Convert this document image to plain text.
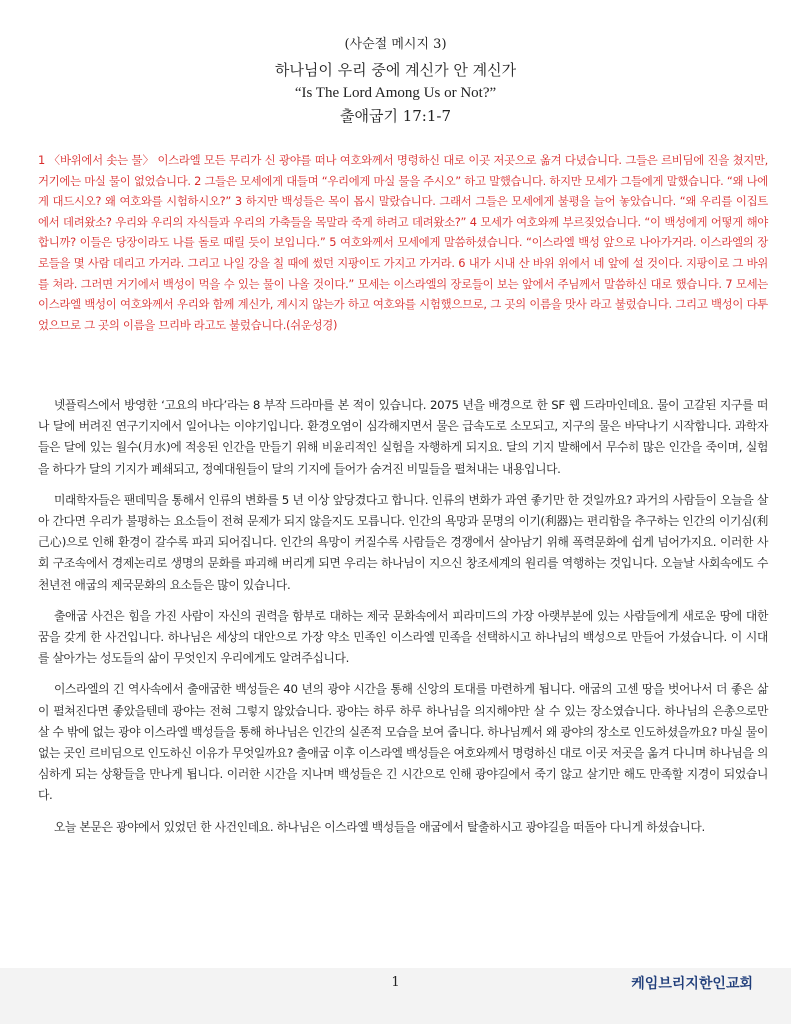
(사순절 메시지 3)
하나님이 우리 중에 계신가 안 계신가
“Is The Lord Among Us or Not?”
출애굽기 17:1-7
1 〈바위에서 솟는 물〉 이스라엘 모든 무리가 신 광야를 떠나 여호와께서 명령하신 대로 이곳 저곳으로 옮겨 다녔습니다. 그들은 르비딤에 진을 쳤지만, 거기에는 마실 물이 없었습니다. 2 그들은 모세에게 대들며 “우리에게 마실 물을 주시오” 하고 말했습니다. 하지만 모세가 그들에게 말했습니다. “왜 나에게 대드시오? 왜 여호와를 시험하시오?” 3 하지만 백성들은 목이 몹시 말랐습니다. 그래서 그들은 모세에게 불평을 늘어 놓았습니다. “왜 우리를 이집트에서 데려왔소? 우리와 우리의 자식들과 우리의 가축들을 목말라 죽게 하려고 데려왔소?” 4 모세가 여호와께 부르짖었습니다. “이 백성에게 어떻게 해야 합니까? 이들은 당장이라도 나를 돌로 때릴 듯이 보입니다.” 5 여호와께서 모세에게 말씀하셨습니다. “이스라엘 백성 앞으로 나아가거라. 이스라엘의 장로들을 몇 사람 데리고 가거라. 그리고 나일 강을 칠 때에 썼던 지팡이도 가지고 가거라. 6 내가 시내 산 바위 위에서 네 앞에 설 것이다. 지팡이로 그 바위를 쳐라. 그러면 거기에서 백성이 먹을 수 있는 물이 나올 것이다.” 모세는 이스라엘의 장로들이 보는 앞에서 주님께서 말씀하신 대로 했습니다. 7 모세는 이스라엘 백성이 여호와께서 우리와 함께 계신가, 계시지 않는가 하고 여호와를 시험했으므로, 그 곳의 이름을 맛사 라고 불렀습니다. 그리고 백성이 다투었으므로 그 곳의 이름을 므리바 라고도 불렀습니다.(쉬운성경)

넷플릭스에서 방영한 ‘고요의 바다’라는 8 부작 드라마를 본 적이 있습니다. 2075 년을 배경으로 한 SF 웹 드라마인데요. 물이 고갈된 지구를 떠나 달에 버려진 연구기지에서 일어나는 이야기입니다. 환경오염이 심각해지면서 물은 급속도로 소모되고, 지구의 물은 바닥나기 시작합니다. 과학자들은 달에 있는 월수(月水)에 적응된 인간을 만들기 위해 비윤리적인 실험을 자행하게 되지요. 달의 기지 발해에서 무수히 많은 인간을 죽이며, 실험을 하다가 달의 기지가 폐쇄되고, 정예대원들이 달의 기지에 들어가 숨겨진 비밀들을 펼쳐내는 내용입니다.

미래학자들은 팬데믹을 통해서 인류의 변화를 5 년 이상 앞당겼다고 합니다. 인류의 변화가 과연 좋기만 한 것일까요? 과거의 사람들이 오늘을 살아 간다면 우리가 불평하는 요소들이 전혀 문제가 되지 않을지도 모릅니다. 인간의 욕망과 문명의 이기(利器)는 편리함을 추구하는 인간의 이기심(利己心)으로 인해 환경이 갈수록 파괴 되어집니다. 인간의 욕망이 커질수록 사람들은 경쟁에서 살아남기 위해 폭력문화에 쉽게 넘어가지요. 이러한 사회 구조속에서 경제논리로 생명의 문화를 파괴해 버리게 되면 우리는 하나님이 지으신 창조세계의 원리를 역행하는 것입니다. 오늘날 사회속에도 수천년전 애굽의 제국문화의 요소들은 많이 있습니다.

출애굽 사건은 힘을 가진 사람이 자신의 권력을 함부로 대하는 제국 문화속에서 피라미드의 가장 아랫부분에 있는 사람들에게 새로운 땅에 대한 꿈을 갖게 한 사건입니다. 하나님은 세상의 대안으로 가장 약소 민족인 이스라엘 민족을 선택하시고 하나님의 백성으로 만들어 가셨습니다. 이 시대를 살아가는 성도들의 삶이 무엇인지 우리에게도 알려주십니다.

이스라엘의 긴 역사속에서 출애굽한 백성들은 40 년의 광야 시간을 통해 신앙의 토대를 마련하게 됩니다. 애굽의 고센 땅을 벗어나서 더 좋은 삶이 펼쳐진다면 좋았을텐데 광야는 전혀 그렇지 않았습니다. 광야는 하루 하루 하나님을 의지해야만 살 수 있는 장소였습니다. 하나님의 은총으로만 살 수 밖에 없는 광야 이스라엘 백성들을 통해 하나님은 인간의 실존적 모습을 보여 줍니다. 하나님께서 왜 광야의 장소로 인도하셨을까요? 마실 물이 없는 곳인 르비딤으로 인도하신 이유가 무엇일까요? 출애굽 이후 이스라엘 백성들은 여호와께서 명령하신 대로 이곳 저곳을 옮겨 다니며 하나님을 의심하게 되는 상황들을 만나게 됩니다. 이러한 시간을 지나며 백성들은 긴 시간으로 인해 광야길에서 죽기 않고 살기만 해도 만족할 지경이 되었습니다.

오늘 본문은 광야에서 있었던 한 사건인데요. 하나님은 이스라엘 백성들을 애굽에서 탈출하시고 광야길을 떠돌아 다니게 하셨습니다.

1	케임브리지한인교회
